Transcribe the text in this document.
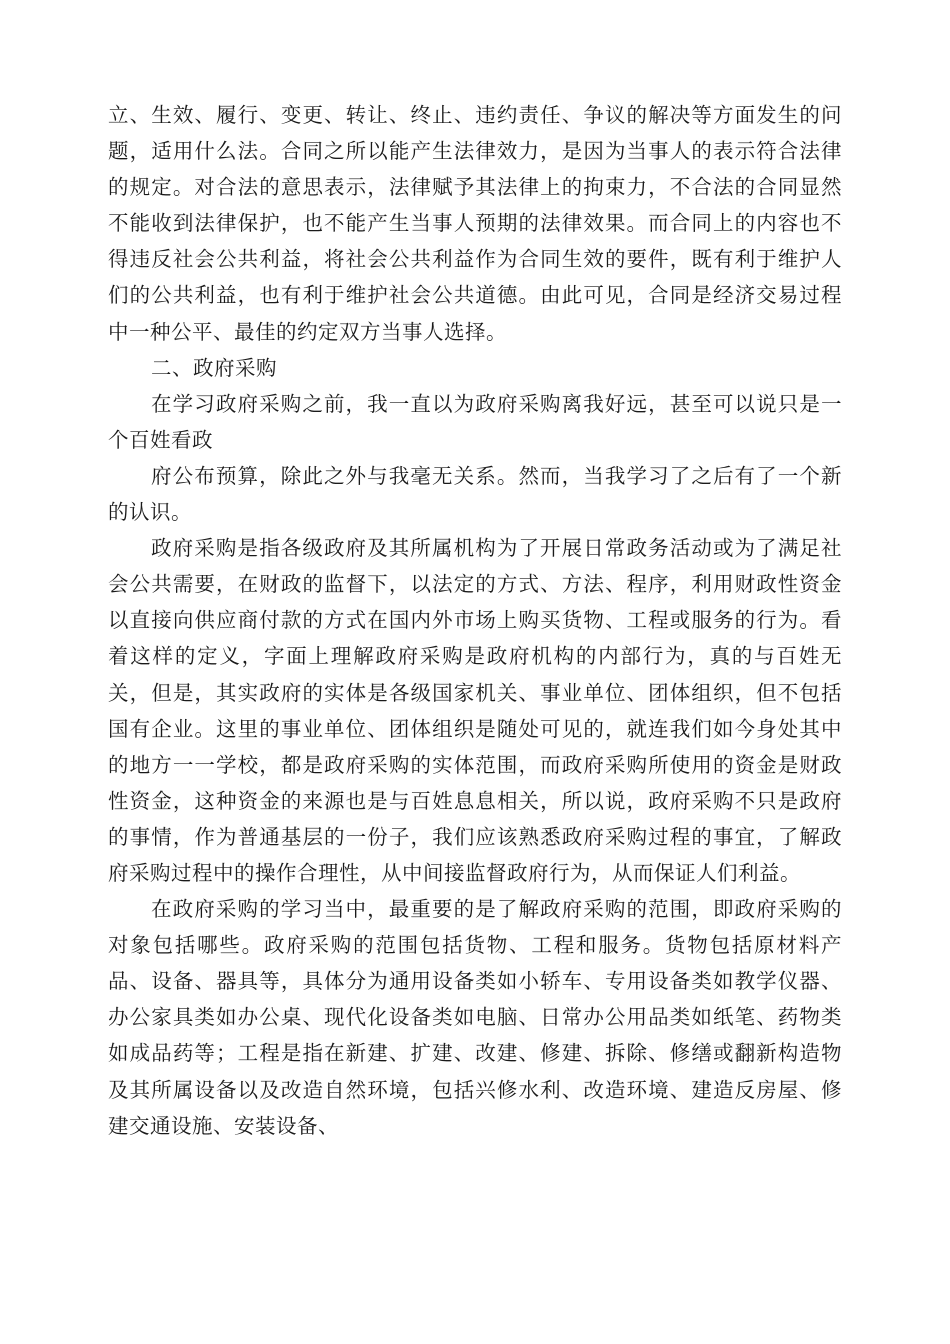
立、生效、履行、变更、转让、终止、违约责任、争议的解决等方面发生的问题，适用什么法。合同之所以能产生法律效力，是因为当事人的表示符合法律的规定。对合法的意思表示，法律赋予其法律上的拘束力，不合法的合同显然不能收到法律保护，也不能产生当事人预期的法律效果。而合同上的内容也不得违反社会公共利益，将社会公共利益作为合同生效的要件，既有利于维护人们的公共利益，也有利于维护社会公共道德。由此可见，合同是经济交易过程中一种公平、最佳的约定双方当事人选择。

二、政府采购

在学习政府采购之前，我一直以为政府采购离我好远，甚至可以说只是一个百姓看政

府公布预算，除此之外与我毫无关系。然而，当我学习了之后有了一个新的认识。

政府采购是指各级政府及其所属机构为了开展日常政务活动或为了满足社会公共需要，在财政的监督下，以法定的方式、方法、程序，利用财政性资金以直接向供应商付款的方式在国内外市场上购买货物、工程或服务的行为。看着这样的定义，字面上理解政府采购是政府机构的内部行为，真的与百姓无关，但是，其实政府的实体是各级国家机关、事业单位、团体组织，但不包括国有企业。这里的事业单位、团体组织是随处可见的，就连我们如今身处其中的地方一一学校，都是政府采购的实体范围，而政府采购所使用的资金是财政性资金，这种资金的来源也是与百姓息息相关，所以说，政府采购不只是政府的事情，作为普通基层的一份子，我们应该熟悉政府采购过程的事宜，了解政府采购过程中的操作合理性，从中间接监督政府行为，从而保证人们利益。

在政府采购的学习当中，最重要的是了解政府采购的范围，即政府采购的对象包括哪些。政府采购的范围包括货物、工程和服务。货物包括原材料产品、设备、器具等，具体分为通用设备类如小轿车、专用设备类如教学仪器、办公家具类如办公桌、现代化设备类如电脑、日常办公用品类如纸笔、药物类如成品药等；工程是指在新建、扩建、改建、修建、拆除、修缮或翻新构造物及其所属设备以及改造自然环境，包括兴修水利、改造环境、建造反房屋、修建交通设施、安装设备、
